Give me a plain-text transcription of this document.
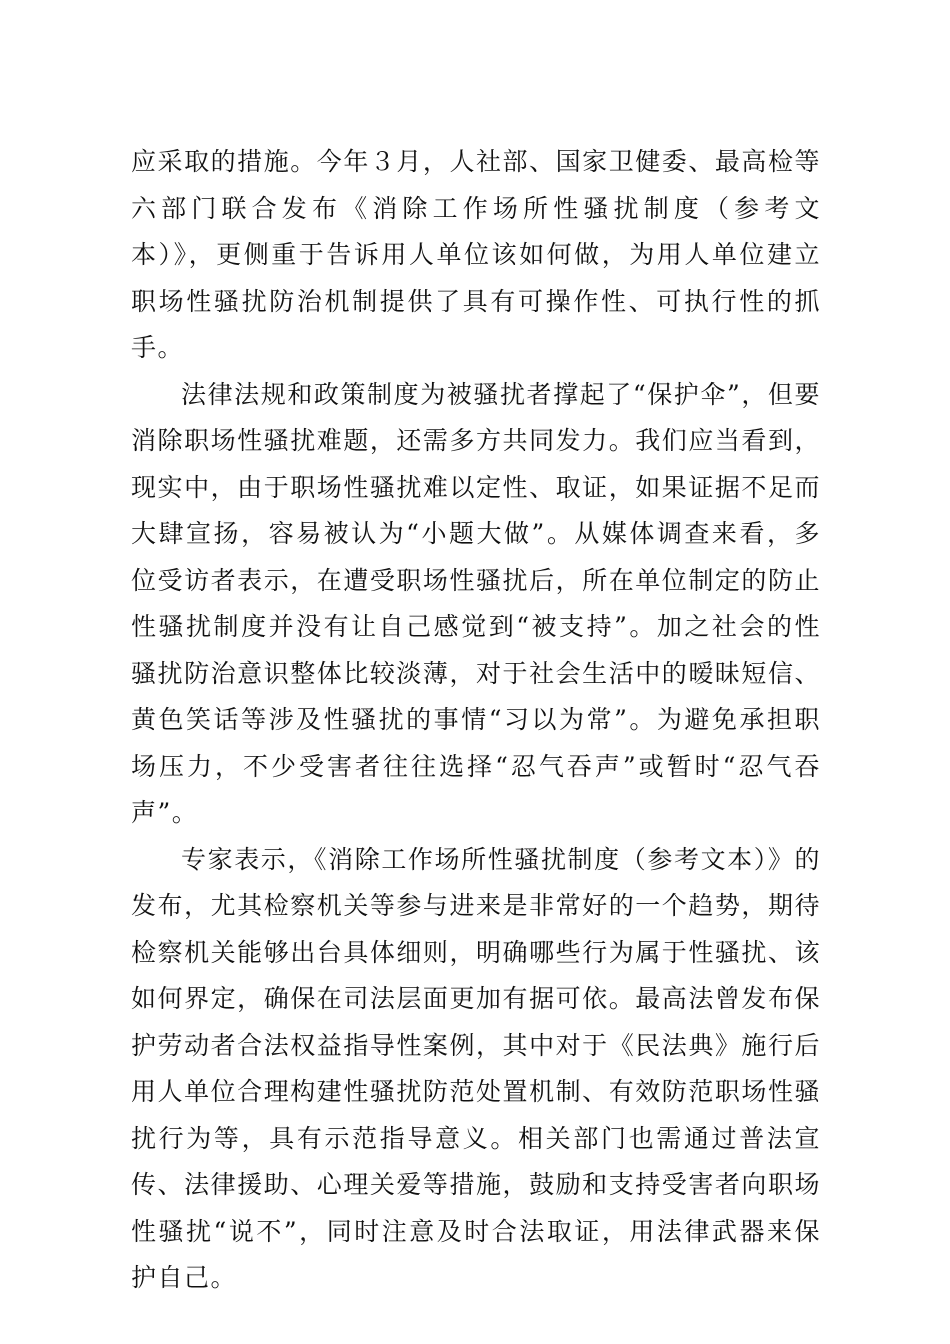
应采取的措施。今年３月，人社部、国家卫健委、最高检等六部门联合发布《消除工作场所性骚扰制度（参考文本）》，更侧重于告诉用人单位该如何做，为用人单位建立职场性骚扰防治机制提供了具有可操作性、可执行性的抓手。

法律法规和政策制度为被骚扰者撑起了“保护伞”，但要消除职场性骚扰难题，还需多方共同发力。我们应当看到，现实中，由于职场性骚扰难以定性、取证，如果证据不足而大肆宣扬，容易被认为“小题大做”。从媒体调查来看，多位受访者表示，在遭受职场性骚扰后，所在单位制定的防止性骚扰制度并没有让自己感觉到“被支持”。加之社会的性骚扰防治意识整体比较淡薄，对于社会生活中的暧昧短信、黄色笑话等涉及性骚扰的事情“习以为常”。为避免承担职场压力，不少受害者往往选择“忍气吞声”或暂时“忍气吞声”。

专家表示，《消除工作场所性骚扰制度（参考文本）》的发布，尤其检察机关等参与进来是非常好的一个趋势，期待检察机关能够出台具体细则，明确哪些行为属于性骚扰、该如何界定，确保在司法层面更加有据可依。最高法曾发布保护劳动者合法权益指导性案例，其中对于《民法典》施行后用人单位合理构建性骚扰防范处置机制、有效防范职场性骚扰行为等，具有示范指导意义。相关部门也需通过普法宣传、法律援助、心理关爱等措施，鼓励和支持受害者向职场性骚扰“说不”，同时注意及时合法取证，用法律武器来保护自己。
